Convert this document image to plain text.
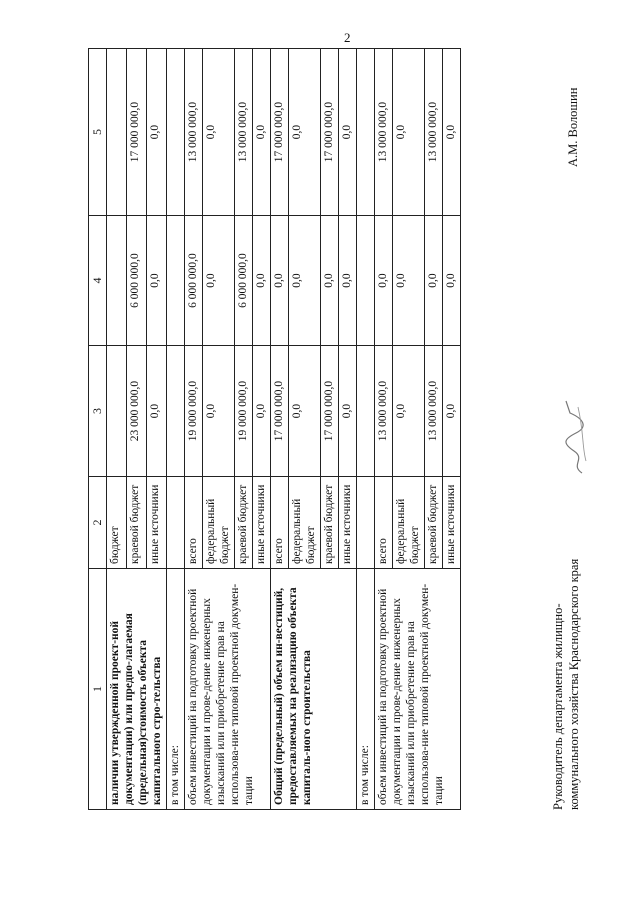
2
1	2	3	4	5
наличии утвержденной проект-ной документации) или предпо-лагаемая (предельная)стоимость объекта капитального стро-тельства	бюджет			
	краевой бюджет	23 000 000,0	6 000 000,0	17 000 000,0
	иные источники	0,0	0,0	0,0
в том числе:				
объем инвестиций на подготовку проектной документации и прове-дение инженерных изысканий или приобретение прав на использова-ние типовой проектной докумен-тации	всего	19 000 000,0	6 000 000,0	13 000 000,0
	федеральный бюджет	0,0	0,0	0,0
	краевой бюджет	19 000 000,0	6 000 000,0	13 000 000,0
	иные источники	0,0	0,0	0,0
Общий (предельный) объем ин-вестиций, предоставляемых на реализацию объекта капиталь-ного строительства	всего	17 000 000,0	0,0	17 000 000,0
	федеральный бюджет	0,0	0,0	0,0
	краевой бюджет	17 000 000,0	0,0	17 000 000,0
	иные источники	0,0	0,0	0,0
в том числе:				
объем инвестиций на подготовку проектной документации и прове-дение инженерных изысканий или приобретение прав на использова-ние типовой проектной докумен-тации	всего	13 000 000,0	0,0	13 000 000,0
	федеральный бюджет	0,0	0,0	0,0
	краевой бюджет	13 000 000,0	0,0	13 000 000,0
	иные источники	0,0	0,0	0,0
Руководитель департамента жилищно- коммунального хозяйства Краснодарского края
А.М. Волошин
